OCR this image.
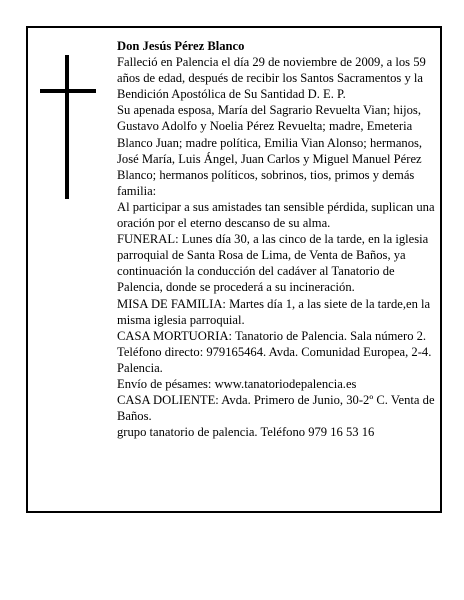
Don Jesús Pérez Blanco

Falleció en Palencia el día 29 de noviembre de 2009, a los 59 años de edad, después de recibir los Santos Sacramentos y la Bendición Apostólica de Su Santidad D. E. P.

Su apenada esposa, María del Sagrario Revuelta Vian; hijos, Gustavo Adolfo y Noelia Pérez Revuelta; madre, Emeteria Blanco Juan; madre política, Emilia Vian Alonso; hermanos, José María, Luis Ángel, Juan Carlos y Miguel Manuel Pérez Blanco; hermanos políticos, sobrinos, tios, primos y demás familia:

Al participar a sus amistades tan sensible pérdida, suplican una oración por el eterno descanso de su alma.

FUNERAL: Lunes día 30, a las cinco de la tarde, en la iglesia parroquial de Santa Rosa de Lima, de Venta de Baños, ya continuación la conducción del cadáver al Tanatorio de Palencia, donde se procederá a su incineración.

MISA DE FAMILIA: Martes día 1, a las siete de la tarde,en la misma iglesia parroquial.

CASA MORTUORIA: Tanatorio de Palencia. Sala número 2. Teléfono directo: 979165464. Avda. Comunidad Europea, 2-4. Palencia.

Envío de pésames: www.tanatoriodepalencia.es

CASA DOLIENTE: Avda. Primero de Junio, 30-2º C. Venta de Baños.

grupo tanatorio de palencia. Teléfono 979 16 53 16
